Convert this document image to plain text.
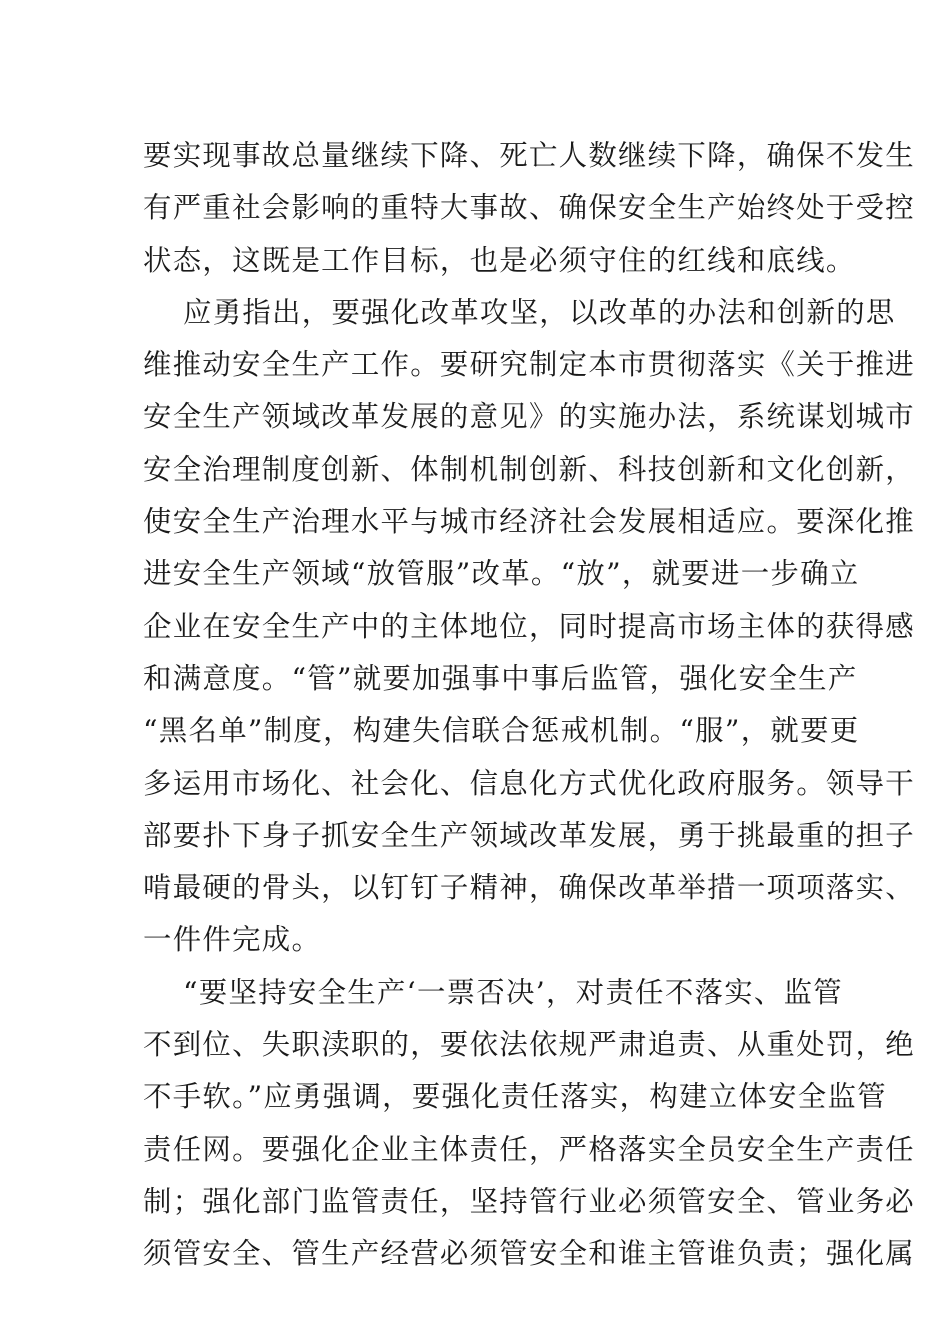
要实现事故总量继续下降、死亡人数继续下降，确保不发生
有严重社会影响的重特大事故、确保安全生产始终处于受控
状态，这既是工作目标，也是必须守住的红线和底线。
应勇指出，要强化改革攻坚，以改革的办法和创新的思
维推动安全生产工作。要研究制定本市贯彻落实《关于推进
安全生产领域改革发展的意见》的实施办法，系统谋划城市
安全治理制度创新、体制机制创新、科技创新和文化创新，
使安全生产治理水平与城市经济社会发展相适应。要深化推
进安全生产领域“放管服”改革。“放”，就要进一步确立
企业在安全生产中的主体地位，同时提高市场主体的获得感
和满意度。“管”就要加强事中事后监管，强化安全生产
“黑名单”制度，构建失信联合惩戒机制。“服”，就要更
多运用市场化、社会化、信息化方式优化政府服务。领导干
部要扑下身子抓安全生产领域改革发展，勇于挑最重的担子
啃最硬的骨头，以钉钉子精神，确保改革举措一项项落实、
一件件完成。
“要坚持安全生产‘一票否决’，对责任不落实、监管
不到位、失职渎职的，要依法依规严肃追责、从重处罚，绝
不手软。”应勇强调，要强化责任落实，构建立体安全监管
责任网。要强化企业主体责任，严格落实全员安全生产责任
制；强化部门监管责任，坚持管行业必须管安全、管业务必
须管安全、管生产经营必须管安全和谁主管谁负责；强化属
